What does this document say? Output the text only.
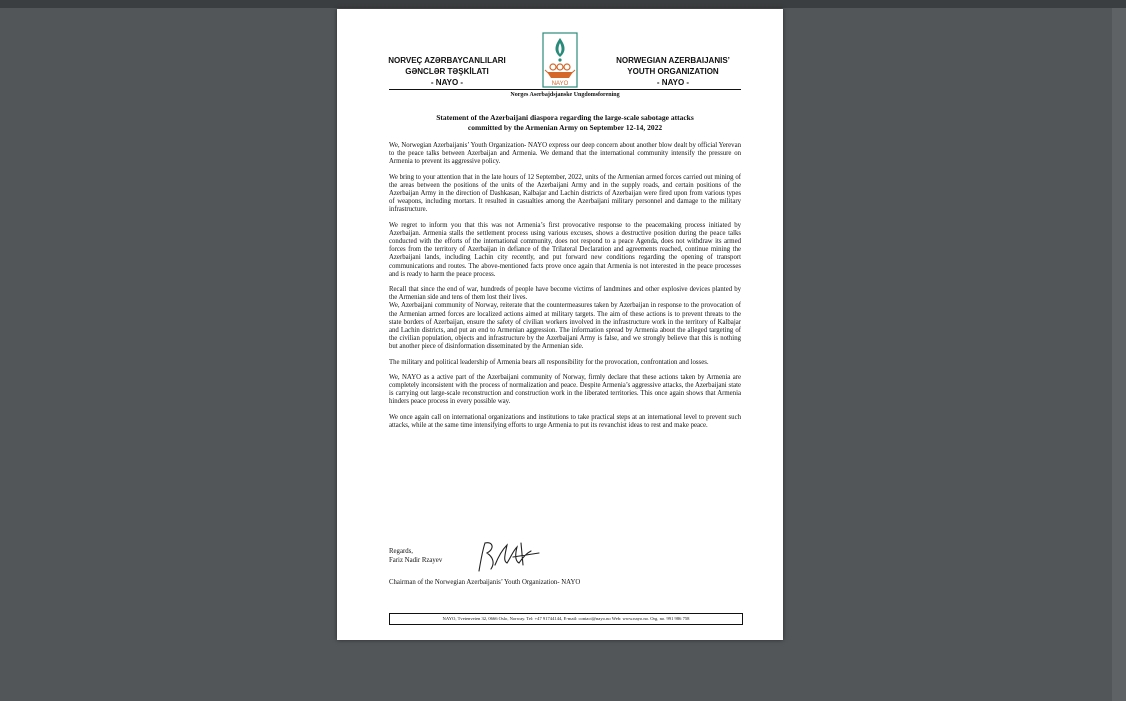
NORVEÇ AZƏRBAYCANLILARI
GƏNCLƏR TƏŞKİLATI
- NAYO -	NAYO
NORWEGIAN AZERBAIJANIS’
YOUTH ORGANIZATION
- NAYO -
Norges Aserbajdsjanske Ungdomsforening
Statement of the Azerbaijani diaspora regarding the large-scale sabotage attacks
committed by the Armenian Army on September 12-14, 2022

We, Norwegian Azerbaijanis’ Youth Organization- NAYO express our deep concern about another blow dealt by official Yerevan to the peace talks between Azerbaijan and Armenia. We demand that the international community intensify the pressure on Armenia to prevent its aggressive policy.

We bring to your attention that in the late hours of 12 September, 2022, units of the Armenian armed forces carried out mining of the areas between the positions of the units of the Azerbaijani Army and in the supply roads, and certain positions of the Azerbaijan Army in the direction of Dashkasan, Kalbajar and Lachin districts of Azerbaijan were fired upon from various types of weapons, including mortars. It resulted in casualties among the Azerbaijani military personnel and damage to the military infrastructure.

We regret to inform you that this was not Armenia’s first provocative response to the peacemaking process initiated by Azerbaijan. Armenia stalls the settlement process using various excuses, shows a destructive position during the peace talks conducted with the efforts of the international community, does not respond to a peace Agenda, does not withdraw its armed forces from the territory of Azerbaijan in defiance of the Trilateral Declaration and agreements reached, continue mining the Azerbaijani lands, including Lachin city recently, and put forward new conditions regarding the opening of transport communications and routes. The above-mentioned facts prove once again that Armenia is not interested in the peace processes and is ready to harm the peace process.

Recall that since the end of war, hundreds of people have become victims of landmines and other explosive devices planted by the Armenian side and tens of them lost their lives.

We, Azerbaijani community of Norway, reiterate that the countermeasures taken by Azerbaijan in response to the provocation of the Armenian armed forces are localized actions aimed at military targets. The aim of these actions is to prevent threats to the state borders of Azerbaijan, ensure the safety of civilian workers involved in the infrastructure work in the territory of Kalbajar and Lachin districts, and put an end to Armenian aggression. The information spread by Armenia about the alleged targeting of the civilian population, objects and infrastructure by the Azerbaijani Army is false, and we strongly believe that this is nothing but another piece of disinformation disseminated by the Armenian side.

The military and political leadership of Armenia bears all responsibility for the provocation, confrontation and losses.

We, NAYO as a active part of the Azerbaijani community of Norway, firmly declare that these actions taken by Armenia are completely inconsistent with the process of normalization and peace. Despite Armenia’s aggressive attacks, the Azerbaijani state is carrying out large-scale reconstruction and construction work in the liberated territories. This once again shows that Armenia hinders peace process in every possible way.

We once again call on international organizations and institutions to take practical steps at an international level to prevent such attacks, while at the same time intensifying efforts to urge Armenia to put its revanchist ideas to rest and make peace.

Regards,
Fariz Nadir Rzayev
Chairman of the Norwegian Azerbaijanis’ Youth Organization- NAYO
NAYO, Tvetenveien 32, 0666 Oslo, Norway. Tel: +47 91744144, E-mail: contact@nayo.no Web: www.nayo.no. Org. no. 991 986 758
